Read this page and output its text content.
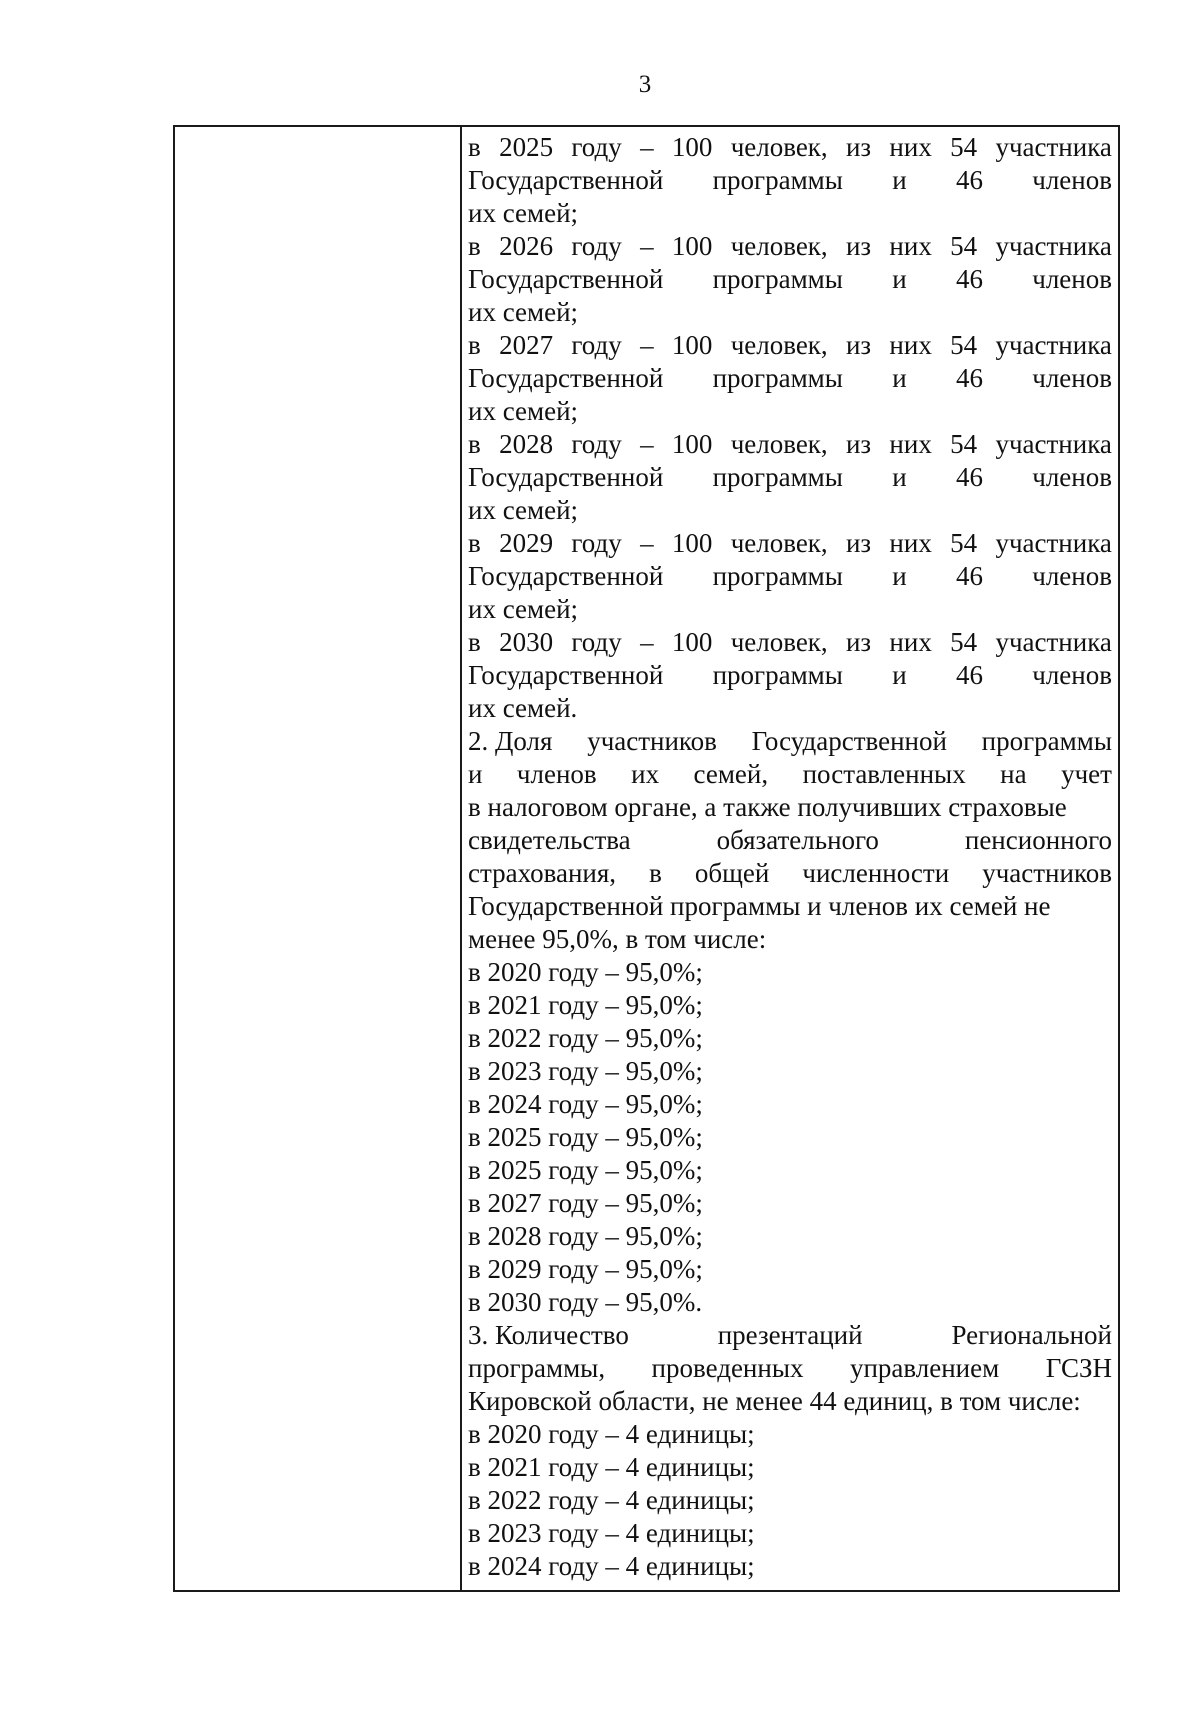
3
в 2025 году – 100 человек, из них 54 участника
Государственной программы и 46 членов
их семей;
в 2026 году – 100 человек, из них 54 участника
Государственной программы и 46 членов
их семей;
в 2027 году – 100 человек, из них 54 участника
Государственной программы и 46 членов
их семей;
в 2028 году – 100 человек, из них 54 участника
Государственной программы и 46 членов
их семей;
в 2029 году – 100 человек, из них 54 участника
Государственной программы и 46 членов
их семей;
в 2030 году – 100 человек, из них 54 участника
Государственной программы и 46 членов
их семей.
2. Доля участников Государственной программы
и членов их семей, поставленных на учет
в налоговом органе, а также получивших страховые
свидетельства	обязательного	пенсионного
страхования, в общей численности участников
Государственной программы и членов их семей не
менее 95,0%, в том числе:
в 2020 году – 95,0%;
в 2021 году – 95,0%;
в 2022 году – 95,0%;
в 2023 году – 95,0%;
в 2024 году – 95,0%;
в 2025 году – 95,0%;
в 2025 году – 95,0%;
в 2027 году – 95,0%;
в 2028 году – 95,0%;
в 2029 году – 95,0%;
в 2030 году – 95,0%.
3. Количество	презентаций	Региональной
программы, проведенных управлением ГСЗН
Кировской области, не менее 44 единиц, в том числе:
в 2020 году – 4 единицы;
в 2021 году – 4 единицы;
в 2022 году – 4 единицы;
в 2023 году – 4 единицы;
в 2024 году – 4 единицы;
